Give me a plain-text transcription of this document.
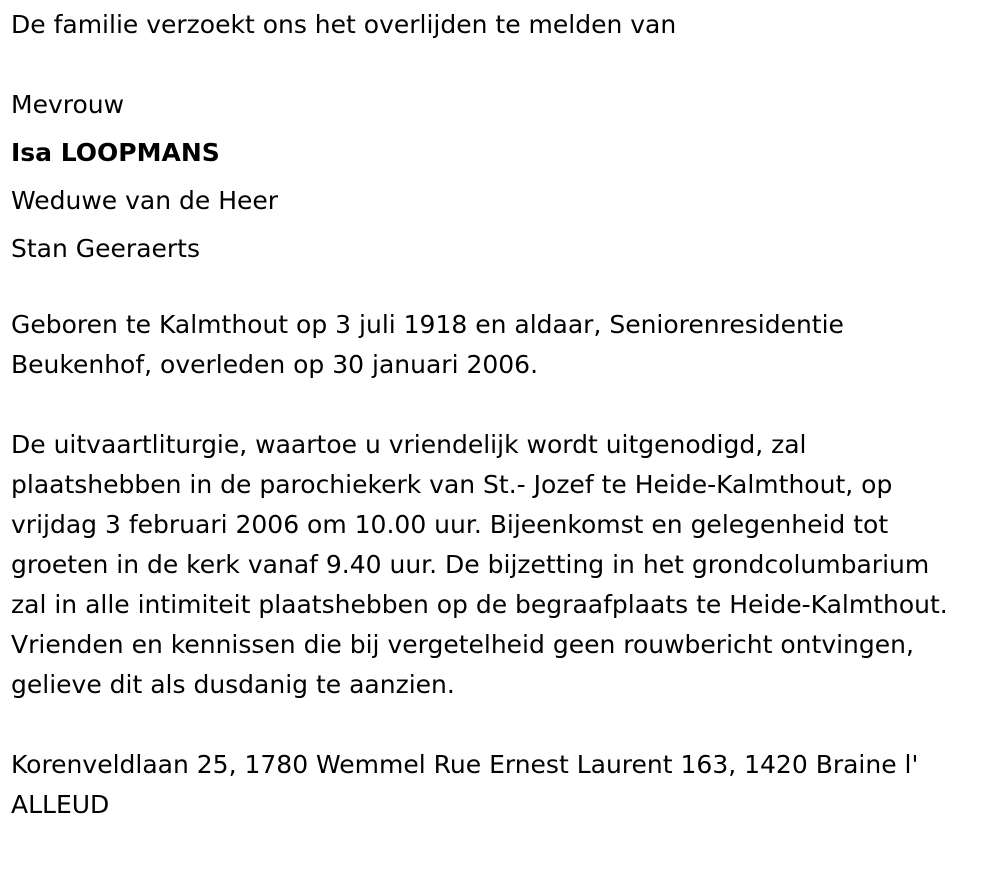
De familie verzoekt ons het overlijden te melden van

Mevrouw

Isa LOOPMANS

Weduwe van de Heer

Stan Geeraerts

Geboren te Kalmthout op 3 juli 1918 en aldaar, Seniorenresidentie Beukenhof, overleden op 30 januari 2006.

De uitvaartliturgie, waartoe u vriendelijk wordt uitgenodigd, zal plaatshebben in de parochiekerk van St.- Jozef te Heide-Kalmthout, op vrijdag 3 februari 2006 om 10.00 uur. Bijeenkomst en gelegenheid tot groeten in de kerk vanaf 9.40 uur. De bijzetting in het grondcolumbarium zal in alle intimiteit plaatshebben op de begraafplaats te Heide-Kalmthout. Vrienden en kennissen die bij vergetelheid geen rouwbericht ontvingen, gelieve dit als dusdanig te aanzien.

Korenveldlaan 25, 1780 Wemmel Rue Ernest Laurent 163, 1420 Braine l' ALLEUD
